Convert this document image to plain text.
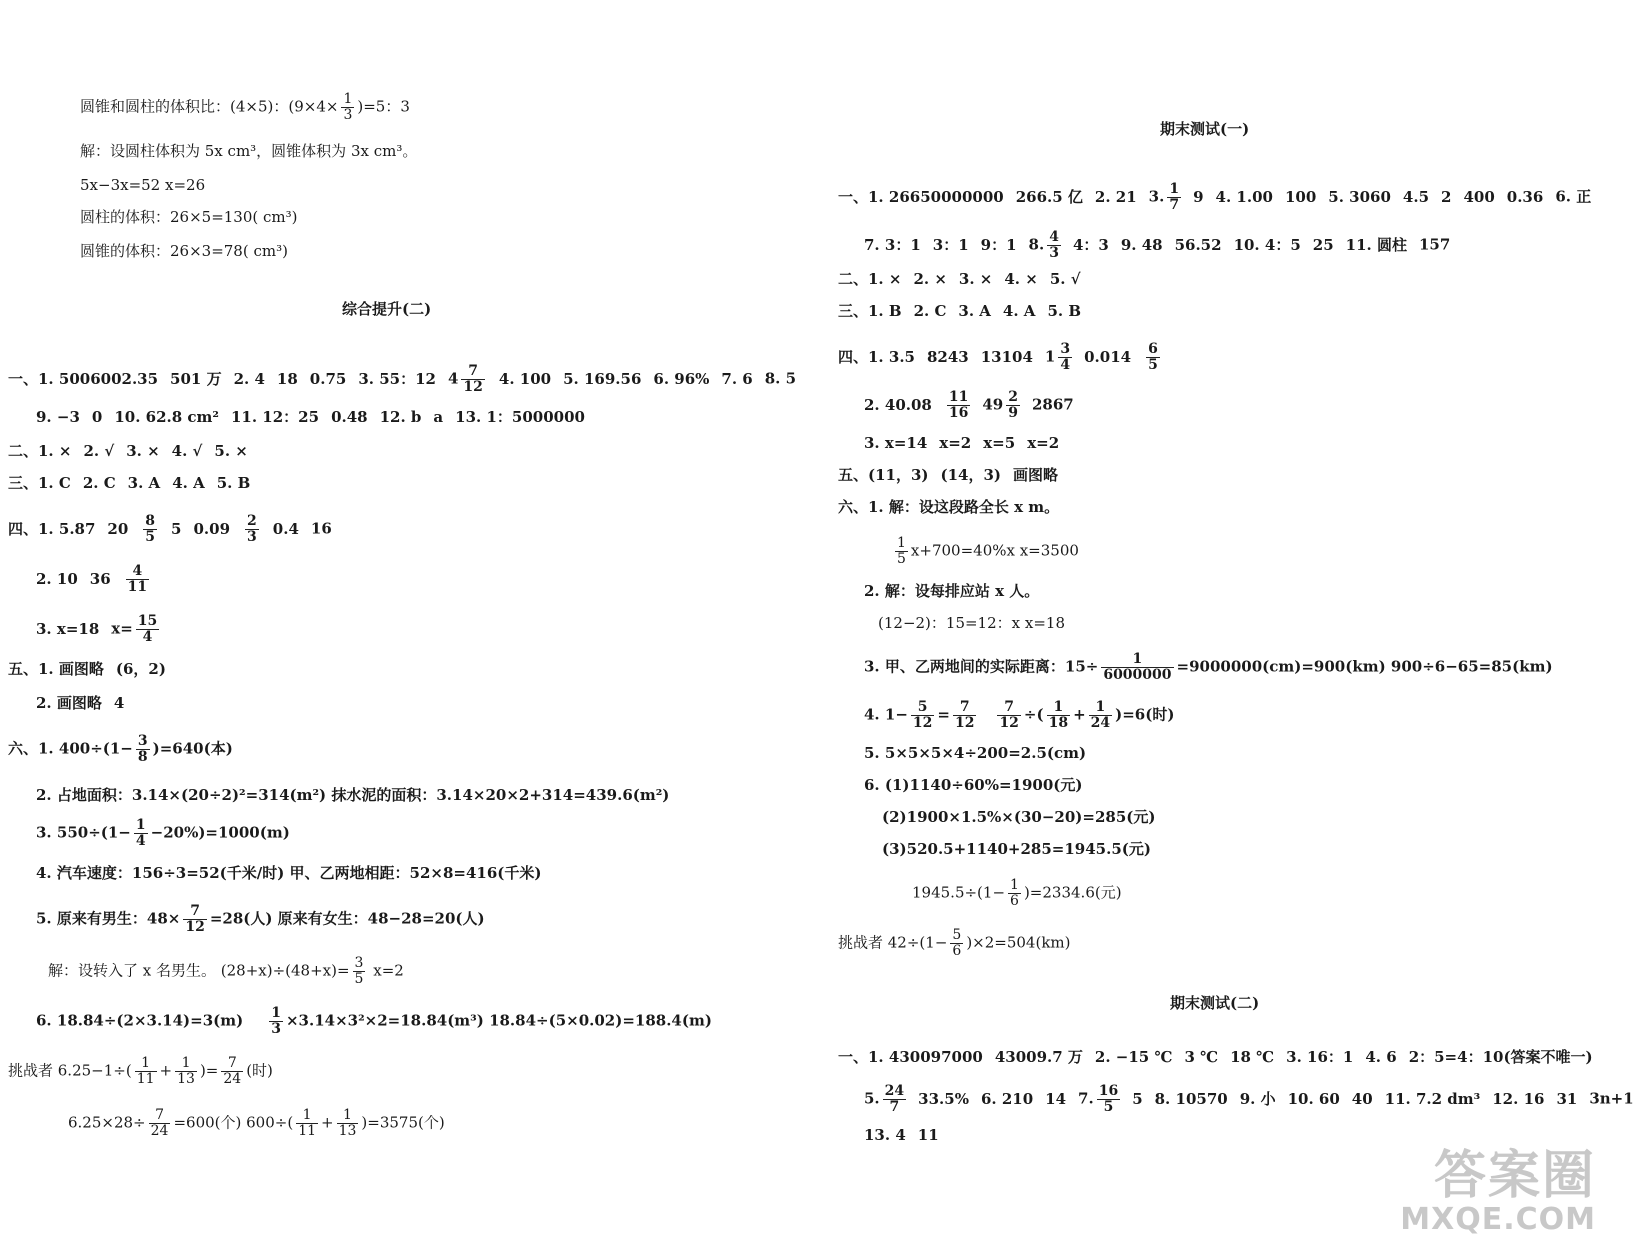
圆锥和圆柱的体积比：(4×5)：$(9\times 4\times \frac{1}{3} )=5$：3
解：设圆柱体积为 5x cm³，圆锥体积为 3x cm³。
5x−3x=52 x=26
圆柱的体积：26×5=130( cm³)
圆锥的体积：26×3=78( cm³)
综合提升(二)
一、1. 5006002.35 501 万 2. 4 18 0.75 3. 55：12 $4 \frac{7}{12} 4$. 100 5. 169.56 6. 96% 7. 6 8. 5
9. −3 0 10. 62.8 cm² 11. 12：25 0.48 12. b a 13. 1：5000000
二、1. × 2. √ 3. × 4. √ 5. ×
三、1. C 2. C 3. A 4. A 5. B
四、1. 5.87 $20 \frac{8}{5} 5$ $0.09 \frac{2}{3} 0.4$ 16
2. 10 $36 \frac{4}{11}$
3. x=18 $x= \frac{15}{4}$
五、1. 画图略 (6，2)
2. 画图略 4
六、1. $400\div(1- \frac{3}{8} )=640$(本)
2. 占地面积：3.14×(20÷2)²=314(m²) 抹水泥的面积：3.14×20×2+314=439.6(m²)
3. $550\div(1- \frac{1}{4} -20\%)=1000(m)$
4. 汽车速度：156÷3=52(千米/时) 甲、乙两地相距：52×8=416(千米)
5. 原来有男生：$48\times \frac{7}{12} =28$(人) 原来有女生：48−28=20(人)
解：设转入了 x 名男生。 $(28+x)\div(48+x)= \frac{3}{5} x=2$
6. $18.84\div(2\times 3.14)=3(m) \frac{1}{3} \times 3.14\times 3^2\times 2=18.84(m^3)$ 18.84÷(5×0.02)=188.4(m)
挑战者 $6.25-1\div( \frac{1}{11} + \frac{1}{13}$ )= $\frac{7}{24}$ (时)
$6.25\times 28\div \frac{7}{24} =600$(个) $600\div( \frac{1}{11} + \frac{1}{13} )=3575$(个)
期末测试(一)
一、1. 26650000000 266.5 亿 2. 21 3. $\frac{1}{7} 9$ 4. 1.00 100 5. 3060 4.5 2 400 0.36 6. 正
7. 3：1 3：1 9：1 8. $\frac{4}{3} 4$：3 9. 48 56.52 10. 4：5 25 11. 圆柱 157
二、1. × 2. × 3. × 4. × 5. √
三、1. B 2. C 3. A 4. A 5. B
四、1. 3.5 8243 13104 $1 \frac{3}{4} 0.014 \frac{6}{5}$
2. $40.08 \frac{11}{16} 49 \frac{2}{9} 2867$
3. x=14 x=2 x=5 x=2
五、(11，3) (14，3) 画图略
六、1. 解：设这段路全长 x m。
$\frac{1}{5} x+700=40\%x$ x=3500
2. 解：设每排应站 x 人。
(12−2)：15=12：x x=18
3. 甲、乙两地间的实际距离：$15\div \frac{1}{6000000} =9000000(cm)=900(km)$ 900÷6−65=85(km)
4. $1- \frac{5}{12} = \frac{7}{12} \frac{7}{12}$ ÷( $\frac{1}{18} + \frac{1}{24} )=6$(时)
5. 5×5×5×4÷200=2.5(cm)
6. (1)1140÷60%=1900(元)
(2)1900×1.5%×(30−20)=285(元)
(3)520.5+1140+285=1945.5(元)
$1945.5\div(1- \frac{1}{6} )=2334.6$(元)
挑战者 $42\div(1- \frac{5}{6} )\times 2=504(km)$
期末测试(二)
一、1. 430097000 43009.7 万 2. −15 ℃ 3 ℃ 18 ℃ 3. 16：1 4. 6 2：5=4：10(答案不唯一)
5. $\frac{24}{7} 33.5\%$ 6. 210 14 7. $\frac{16}{5} 5$ 8. 10570 9. 小 10. 60 40 11. 7.2 dm³ 12. 16 31 3n+1
13. 4 11
答案圈
MXQE.COM
